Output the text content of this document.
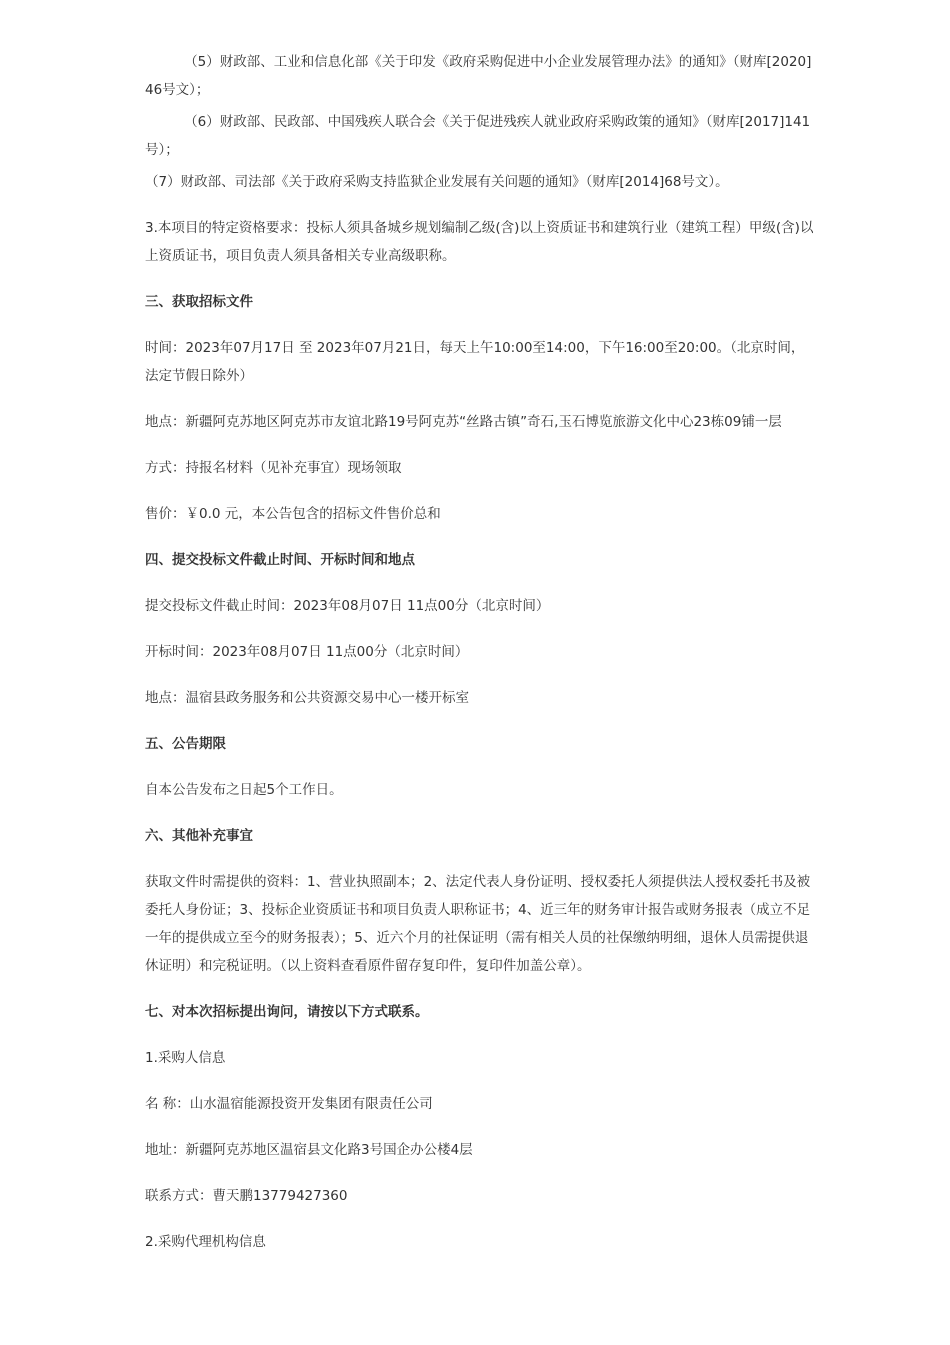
（5）财政部、工业和信息化部《关于印发《政府采购促进中小企业发展管理办法》的通知》（财库[2020]46号文）；

（6）财政部、民政部、中国残疾人联合会《关于促进残疾人就业政府采购政策的通知》（财库[2017]141号）；

（7）财政部、司法部《关于政府采购支持监狱企业发展有关问题的通知》（财库[2014]68号文）。

3.本项目的特定资格要求：投标人须具备城乡规划编制乙级(含)以上资质证书和建筑行业（建筑工程）甲级(含)以上资质证书，项目负责人须具备相关专业高级职称。

三、获取招标文件

时间：2023年07月17日 至 2023年07月21日，每天上午10:00至14:00，下午16:00至20:00。（北京时间，法定节假日除外）

地点：新疆阿克苏地区阿克苏市友谊北路19号阿克苏“丝路古镇”奇石,玉石博览旅游文化中心23栋09铺一层

方式：持报名材料（见补充事宜）现场领取

售价：￥0.0 元，本公告包含的招标文件售价总和

四、提交投标文件截止时间、开标时间和地点

提交投标文件截止时间：2023年08月07日 11点00分（北京时间）

开标时间：2023年08月07日 11点00分（北京时间）

地点：温宿县政务服务和公共资源交易中心一楼开标室

五、公告期限

自本公告发布之日起5个工作日。

六、其他补充事宜

获取文件时需提供的资料：1、营业执照副本；2、法定代表人身份证明、授权委托人须提供法人授权委托书及被委托人身份证；3、投标企业资质证书和项目负责人职称证书；4、近三年的财务审计报告或财务报表（成立不足一年的提供成立至今的财务报表）；5、近六个月的社保证明（需有相关人员的社保缴纳明细，退休人员需提供退休证明）和完税证明。（以上资料查看原件留存复印件，复印件加盖公章）。

七、对本次招标提出询问，请按以下方式联系。

1.采购人信息

名 称：山水温宿能源投资开发集团有限责任公司

地址：新疆阿克苏地区温宿县文化路3号国企办公楼4层

联系方式：曹天鹏13779427360

2.采购代理机构信息
